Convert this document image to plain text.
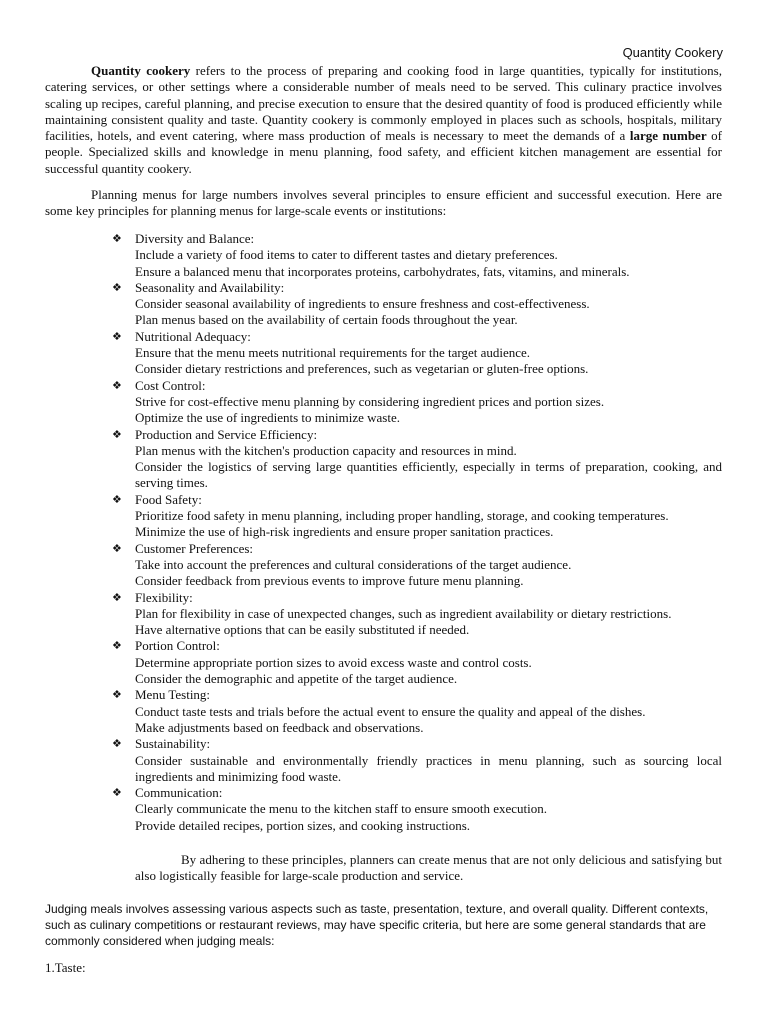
Quantity Cookery

Quantity cookery refers to the process of preparing and cooking food in large quantities, typically for institutions, catering services, or other settings where a considerable number of meals need to be served. This culinary practice involves scaling up recipes, careful planning, and precise execution to ensure that the desired quantity of food is produced efficiently while maintaining consistent quality and taste. Quantity cookery is commonly employed in places such as schools, hospitals, military facilities, hotels, and event catering, where mass production of meals is necessary to meet the demands of a large number of people. Specialized skills and knowledge in menu planning, food safety, and efficient kitchen management are essential for successful quantity cookery.

Planning menus for large numbers involves several principles to ensure efficient and successful execution. Here are some key principles for planning menus for large-scale events or institutions:

❖	Diversity and Balance:
Include a variety of food items to cater to different tastes and dietary preferences.
Ensure a balanced menu that incorporates proteins, carbohydrates, fats, vitamins, and minerals.
❖	Seasonality and Availability:
Consider seasonal availability of ingredients to ensure freshness and cost-effectiveness.
Plan menus based on the availability of certain foods throughout the year.
❖	Nutritional Adequacy:
Ensure that the menu meets nutritional requirements for the target audience.
Consider dietary restrictions and preferences, such as vegetarian or gluten-free options.
❖	Cost Control:
Strive for cost-effective menu planning by considering ingredient prices and portion sizes.
Optimize the use of ingredients to minimize waste.
❖	Production and Service Efficiency:
Plan menus with the kitchen's production capacity and resources in mind.
Consider the logistics of serving large quantities efficiently, especially in terms of preparation, cooking, and serving times.
❖	Food Safety:
Prioritize food safety in menu planning, including proper handling, storage, and cooking temperatures.
Minimize the use of high-risk ingredients and ensure proper sanitation practices.
❖	Customer Preferences:
Take into account the preferences and cultural considerations of the target audience.
Consider feedback from previous events to improve future menu planning.
❖	Flexibility:
Plan for flexibility in case of unexpected changes, such as ingredient availability or dietary restrictions.
Have alternative options that can be easily substituted if needed.
❖	Portion Control:
Determine appropriate portion sizes to avoid excess waste and control costs.
Consider the demographic and appetite of the target audience.
❖	Menu Testing:
Conduct taste tests and trials before the actual event to ensure the quality and appeal of the dishes.
Make adjustments based on feedback and observations.
❖	Sustainability:
Consider sustainable and environmentally friendly practices in menu planning, such as sourcing local ingredients and minimizing food waste.
❖	Communication:
Clearly communicate the menu to the kitchen staff to ensure smooth execution.
Provide detailed recipes, portion sizes, and cooking instructions.

By adhering to these principles, planners can create menus that are not only delicious and satisfying but also logistically feasible for large-scale production and service.

Judging meals involves assessing various aspects such as taste, presentation, texture, and overall quality. Different contexts, such as culinary competitions or restaurant reviews, may have specific criteria, but here are some general standards that are commonly considered when judging meals:

1.Taste:
